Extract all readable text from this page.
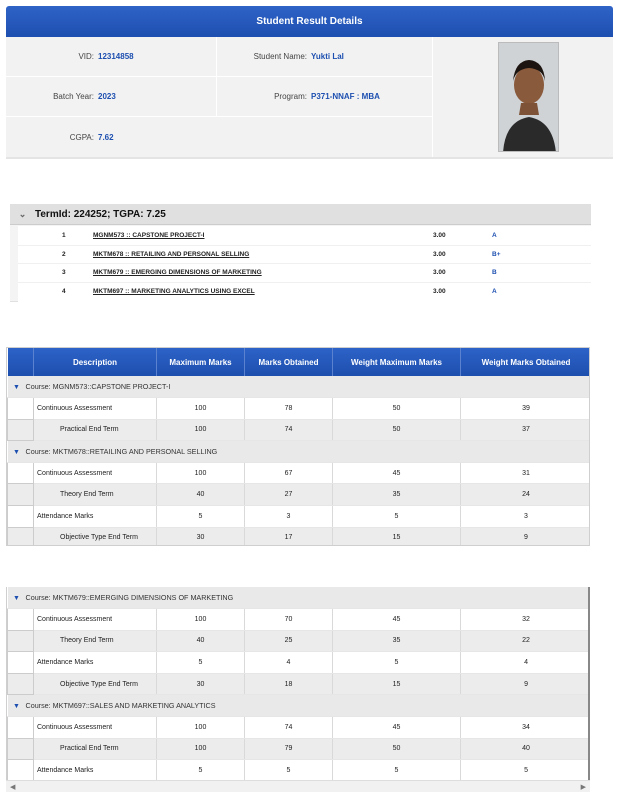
Student Result Details
VID: 12314858	Student Name: Yukti Lal
Batch Year: 2023	Program: P371-NNAF : MBA
CGPA: 7.62
⌄ TermId: 224252; TGPA: 7.25
1	MGNM573 :: CAPSTONE PROJECT-I	3.00	A
2	MKTM678 :: RETAILING AND PERSONAL SELLING	3.00	B+
3	MKTM679 :: EMERGING DIMENSIONS OF MARKETING	3.00	B
4	MKTM697 :: MARKETING ANALYTICS USING EXCEL	3.00	A
	Description	Maximum Marks	Marks Obtained	Weight Maximum Marks	Weight Marks Obtained
▼ Course: MGNM573::CAPSTONE PROJECT-I					
	Continuous Assessment	100	78	50	39
	Practical End Term	100	74	50	37
▼ Course: MKTM678::RETAILING AND PERSONAL SELLING					
	Continuous Assessment	100	67	45	31
	Theory End Term	40	27	35	24
	Attendance Marks	5	3	5	3
	Objective Type End Term	30	17	15	9
▼ Course: MKTM679::EMERGING DIMENSIONS OF MARKETING					
	Continuous Assessment	100	70	45	32
	Theory End Term	40	25	35	22
	Attendance Marks	5	4	5	4
	Objective Type End Term	30	18	15	9
▼ Course: MKTM697::SALES AND MARKETING ANALYTICS					
	Continuous Assessment	100	74	45	34
	Practical End Term	100	79	50	40
	Attendance Marks	5	5	5	5
◀	▶
